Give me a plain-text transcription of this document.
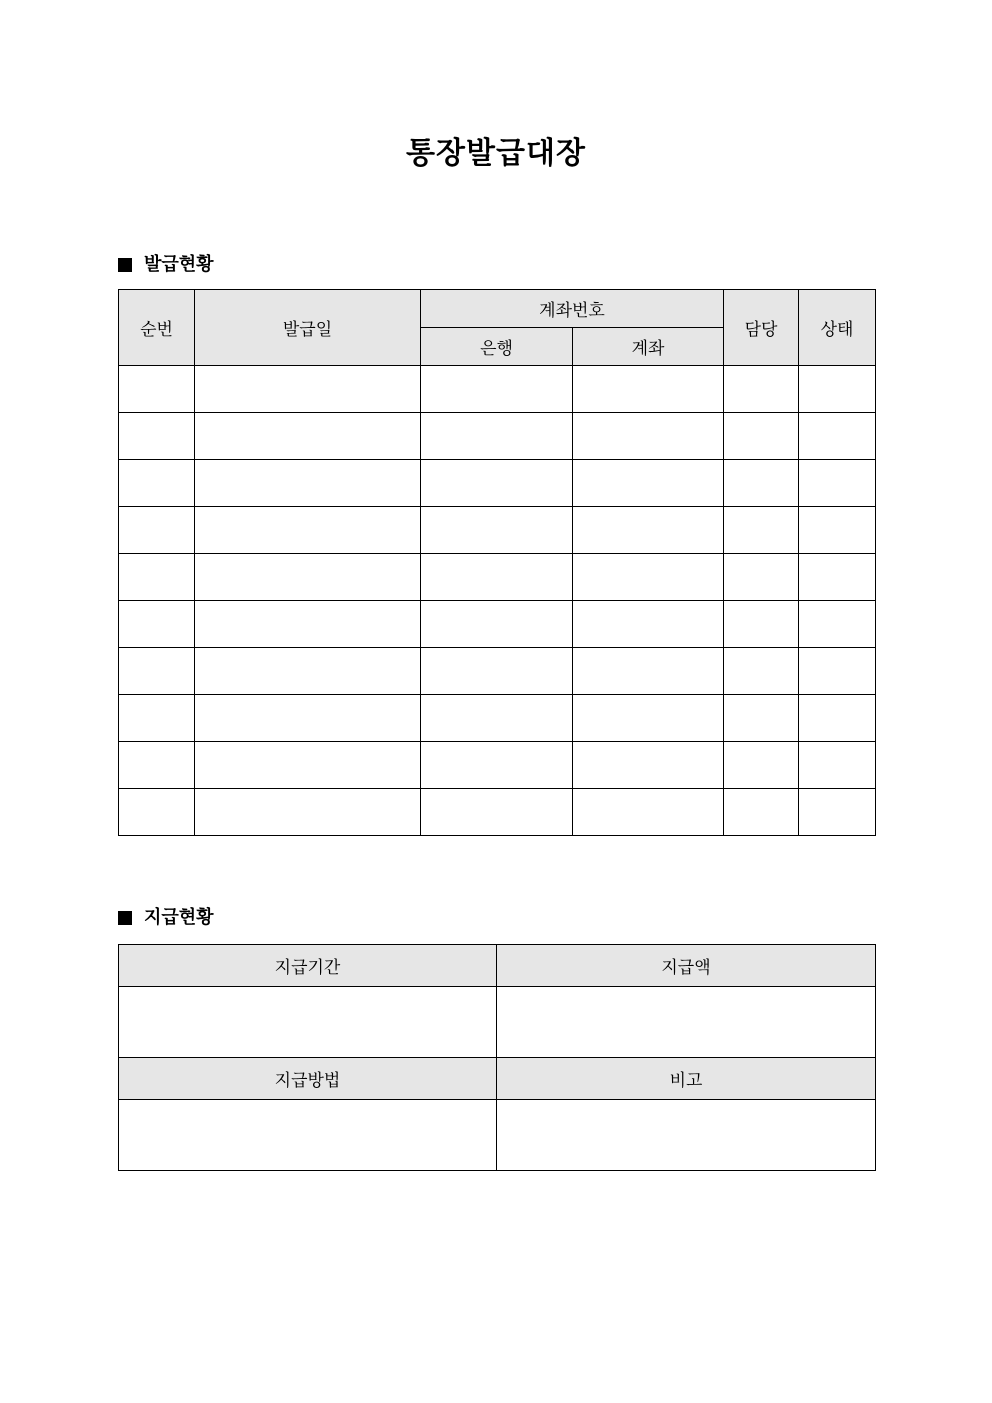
통장발급대장
발급현황
순번	발급일	계좌번호		담당	상태
		은행	계좌		

지급현황
지급기간	지급액

지급방법	비고
